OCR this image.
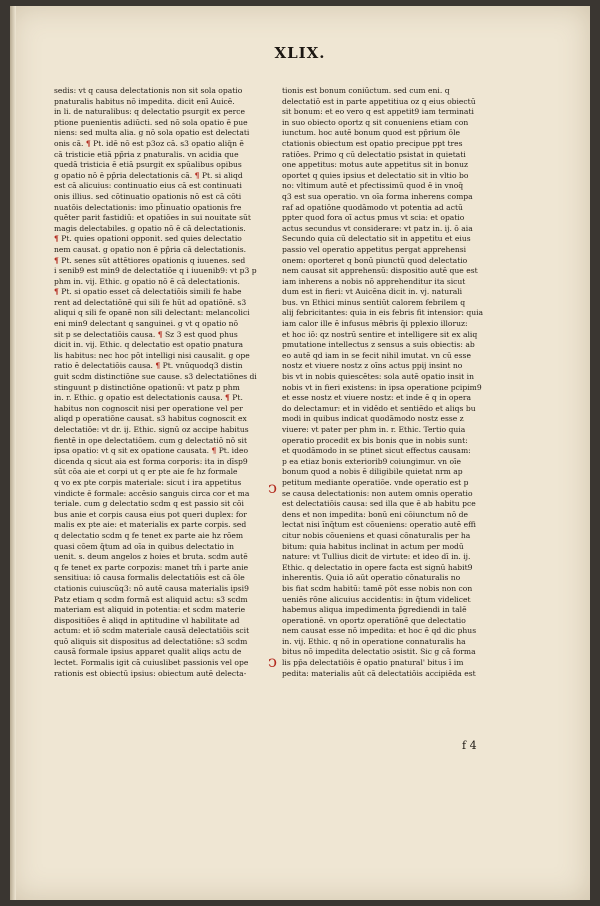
XLIX.
sedis: vt q causa delectationis non sit sola opatio
pnaturalis habitus nō impedita. dicit enī Auicē.
in li. de naturalibus: q delectatio psurgit ex perce
ptione puenientis adiūcti. sed nō sola opatio ē pue
niens: sed multa alia. g nō sola opatio est delectati
onis cā. ¶ Pt. idē nō est p3oz cā. s3 opatio aliq̄n ē
cā tristicie etiā pp̄ria z pnaturalis. vn acidia que
quedā tristicia ē etiā psurgit ex spūalibus opibus
g opatio nō ē pp̄ria delectationis cā. ¶ Pt. si aliqd
est cā alicuius: continuatio eius cā est continuati
onis illius. sed cōtinuatio opationis nō est cā cōti
nuatōis delectationis: imo pt̄inuatio opationis fre
quēter parit fastidiū: et opatiōes in sui nouitate sūt
magis delectabiles. g opatio nō ē cā delectationis.
¶ Pt. quies opationi opponit. sed quies delectatio
nem causat. g opatio non ē pp̄ria cā delectationis.
¶ Pt. senes sūt attētiores opationis q iuuenes. sed
i senib9 est min9 de delectatiōe q i iuuenib9: vt p3 p
phm in. vij. Ethic. g opatio nō ē cā delectationis.
¶ Pt. si opatio esset cā delectatiōis simili fe habe
rent ad delectatiōnē qui sili fe hūt ad opatiōnē. s3
aliqui q sili fe opanē non sili delectant: melancolici
eni min9 delectant q sanguinei. g vt q opatio nō
sit p se delectatiōis causa. ¶ Sz 3 est quod phus
dicit in. vij. Ethic. q delectatio est opatio pnatura
lis habitus: nec hoc pōt intelligi nisi causalit. g ope
ratio ē delectatiōis causa. ¶ Pt. vnūquodq3 distin
guit scdm distinctiōne sue cause. s3 delectatiōnes di
stinguunt p distinctiōne opationū: vt patz p phm
in. r. Ethic. g opatio est delectationis causa. ¶ Pt.
habitus non cognoscit nisi per operatione vel per
aliqd p operatiōne causat. s3 habitus cognoscit ex
delectatiōe: vt dr. ij. Ethic. signū oz accipe habitus
fientē in ope delectatiōem. cum g delectatiō nō sit
ipsa opatio: vt q sit ex opatione causata. ¶ Pt. ideo
dicenda q sicut aia est forma corporis: ita in dīsp9
sūt cōa aie et corpi ut q er pte aie fe hz formale
q vo ex pte corpis materiale: sicut i ira appetitus
vindicte ē formale: accēsio sanguis circa cor et ma
teriale. cum g delectatio scdm q est passio sit cōi
bus anie et corpis causa eius pot queri duplex: for
malis ex pte aie: et materialis ex parte corpis. sed
q delectatio scdm q fe tenet ex parte aie hz rōem
quasi cōem q̄tum ad oīa in quibus delectatio in
uenit. s. deum angelos z hoies et bruta. scdm autē
q fe tenet ex parte corpozis: manet tm̄ i parte anie
sensitiua: iō causa formalis delectatiōis est cā ōle
ctationis cuiuscūq3: nō autē causa materialis ipsi9
Patz etiam q scdm formā est aliquid actu: s3 scdm
materiam est aliquid in potentia: et scdm materie
dispositiōes ē aliqd in aptitudine vl habilitate ad
actum: et iō scdm materiale causā delectatiōis scit
quō aliquis sit dispositus ad delectatiōne: s3 scdm
causā formale ipsius apparet qualit aliqs actu de
lectet. Formalis igit cā cuiuslibet passionis vel ope
rationis est obiectū ipsius: obiectum autē delecta-
tionis est bonum coniūctum. sed cum eni. q
delectatiō est in parte appetitiua oz q eius obiectū
sit bonum: et eo vero q est appetit9 iam terminati
in suo obiecto oportz q sit conueniens etiam con
iunctum. hoc autē bonum quod est pp̄rium ōle
ctationis obiectum est opatio precipue ppt tres
ratiōes. Primo q cū delectatio psistat in quietati
one appetitus: motus aute appetitus sit in bonuz
oportet q quies ipsius et delectatio sit in vltio bo
no: vltimum autē et pfectissimū quod ē in vnoq̄
q3 est sua operatio. vn oīa forma inherens compa
raf ad opatiōne quodāmodo vt potentia ad actū
ppter quod fora oī actus pmus vt scia: et opatio
actus secundus vt considerare: vt patz in. ij. ō aia
Secundo quia cū delectatio sit in appetitu et eius
passio vel operatio appetitus pergat apprehensi
onem: oporteret q bonū piunctū quod delectatio
nem causat sit apprehensū: dispositio autē que est
iam inherens a nobis nō apprehenditur ita sicut
dum est in fieri: vt Auicēna dicit in. vj. naturali
bus. vn Ethici minus sentiūt calorem febrilem q
alij febricitantes: quia in eis febris fit intensior: quia
iam calor ille ē infusus mēbris q̄i pplexio illoruz:
et hoc iō: qz nostrū sentire et intelligere sit ex aliq
pmutatione intellectus z sensus a suis obiectis: ab
eo autē qd iam in se fecit nihil imutat. vn cū esse
nostz et viuere nostz z oīns actus ppij insint no
bis vt in nobis quiescētes: sola autē opatio insit in
nobis vt in fieri existens: in ipsa operatione pcipim9
et esse nostz et viuere nostz: et inde ē q in opera
do delectamur: et in vidēdo et sentiēdo et aliqs bu
modi in quibus indicat quodāmodo nostz esse z
viuere: vt pater per phm in. r. Ethic. Tertio quia
operatio procedit ex bis bonis que in nobis sunt:
et quodāmodo in se ptinet sicut effectus causam:
p ea etiaz bonis exteriorib9 coiungimur. vn oīe
bonum quod a nobis ē diligibile quietat nrm ap
petitum mediante operatiōe. vnde operatio est p
se causa delectationis: non autem omnis operatio
est delectatiōis causa: sed illa que ē ab habitu pce
dens et non impedita: bonū eni cōiunctum nō de
lectat nisi īnq̄tum est cōueniens: operatio autē effi
citur nobis cōueniens et quasi cōnaturalis per ha
bitum: quia habitus inclinat in actum per modū
nature: vt Tullius dicit de virtute: et ideo dī in. ij.
Ethic. q delectatio in opere facta est signū habit9
inherentis. Quia iō aūt operatio cōnaturalis no
bis fiat scdm habitū: tamē pōt esse nobis non con
ueniēs rōne alicuius accidentis: in q̄tum videlicet
habemus aliqua impedimenta p̄grediendi in talē
operationē. vn oportz operatiōnē que delectatio
nem causat esse nō impedita: et hoc ē qd dic phus
in. vij. Ethic. q nō in operatione connaturalis ha
bitus nō impedita delectatio ɔsistit. Sic g cā forma
lis pp̄a delectatiōis ē opatio pnatural' bitus ī im
pedita: materialis aūt cā delectatiōis accipiēda est
ↄ
ↄ
f 4
